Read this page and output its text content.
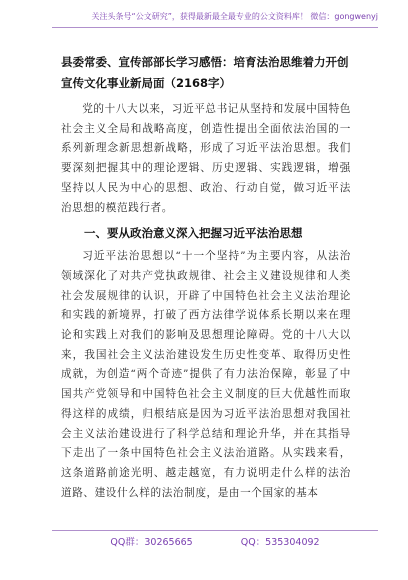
关注头条号“公文研究”，获得最新最全最专业的公文资料库！ 微信：gongwenyj
县委常委、宣传部部长学习感悟：培育法治思维着力开创宣传文化事业新局面（2168字）

党的十八大以来，习近平总书记从坚持和发展中国特色社会主义全局和战略高度，创造性提出全面依法治国的一系列新理念新思想新战略，形成了习近平法治思想。我们要深刻把握其中的理论逻辑、历史逻辑、实践逻辑，增强坚持以人民为中心的思想、政治、行动自觉，做习近平法治思想的模范践行者。

一、要从政治意义深入把握习近平法治思想

习近平法治思想以“十一个坚持”为主要内容，从法治领域深化了对共产党执政规律、社会主义建设规律和人类社会发展规律的认识，开辟了中国特色社会主义法治理论和实践的新境界，打破了西方法律学说体系长期以来在理论和实践上对我们的影响及思想理论障碍。党的十八大以来，我国社会主义法治建设发生历史性变革、取得历史性成就，为创造“两个奇迹”提供了有力法治保障，彰显了中国共产党领导和中国特色社会主义制度的巨大优越性而取得这样的成绩，归根结底是因为习近平法治思想对我国社会主义法治建设进行了科学总结和理论升华，并在其指导下走出了一条中国特色社会主义法治道路。从实践来看，这条道路前途光明、越走越宽，有力说明走什么样的法治道路、建设什么样的法治制度，是由一个国家的基本

QQ群：30265665	QQ：535304092
